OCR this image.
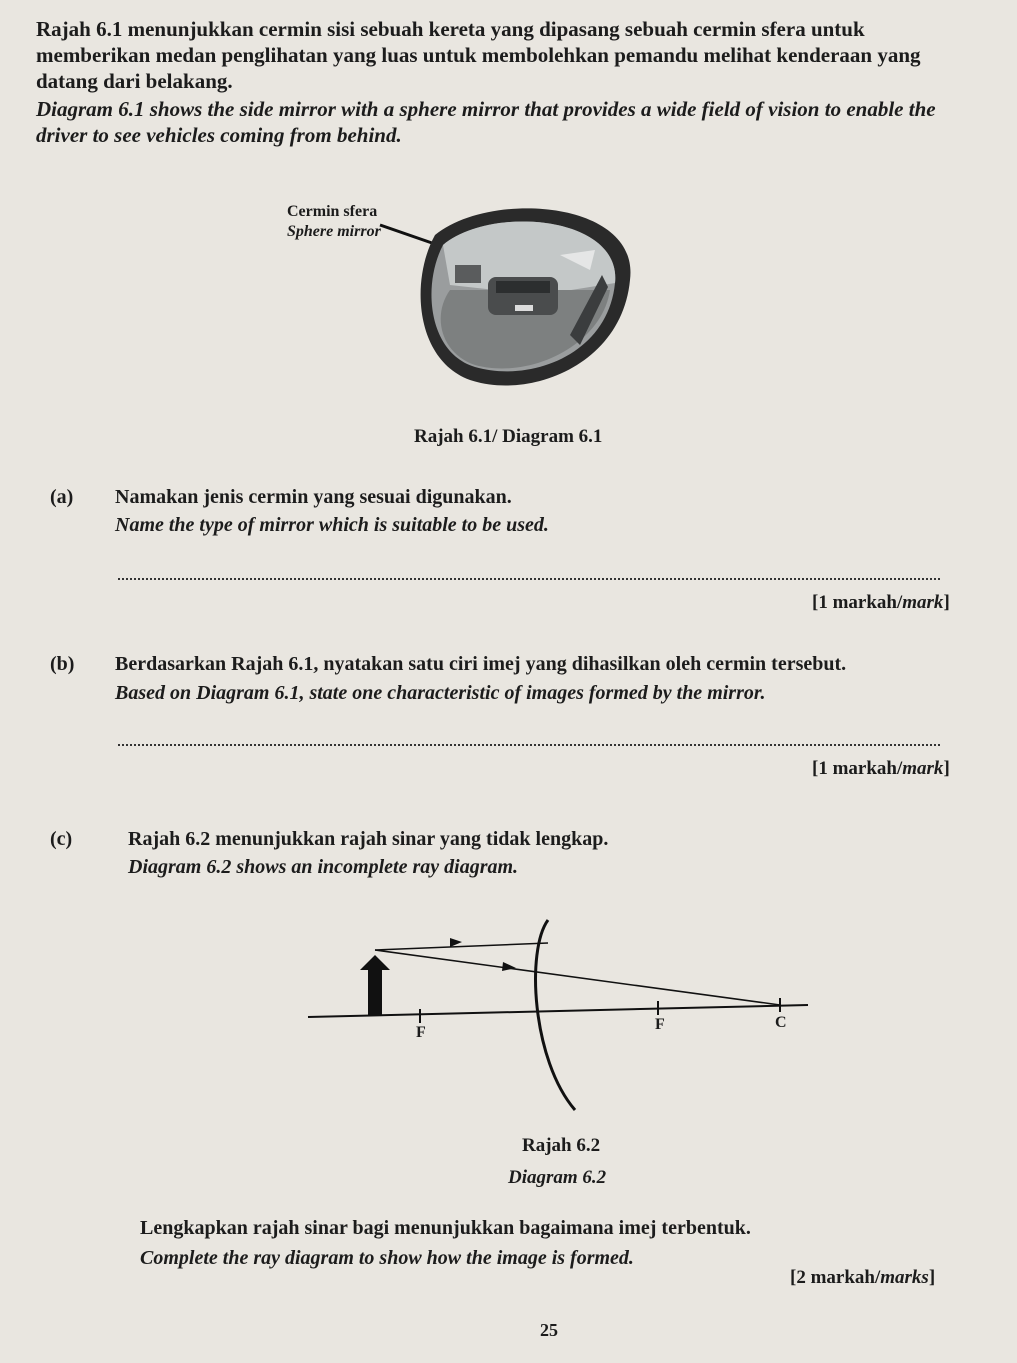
Rajah 6.1 menunjukkan cermin sisi sebuah kereta yang dipasang sebuah cermin sfera untuk memberikan medan penglihatan yang luas untuk membolehkan pemandu melihat kenderaan yang datang dari belakang.
Diagram 6.1 shows the side mirror with a sphere mirror that provides a wide field of vision to enable the driver to see vehicles coming from behind.
Cermin sfera
Sphere mirror
Rajah 6.1/ Diagram 6.1
(a) Namakan jenis cermin yang sesuai digunakan.
Name the type of mirror which is suitable to be used.
[1 markah/mark]
(b) Berdasarkan Rajah 6.1, nyatakan satu ciri imej yang dihasilkan oleh cermin tersebut.
Based on Diagram 6.1, state one characteristic of images formed by the mirror.
[1 markah/mark]
(c)	Rajah 6.2 menunjukkan rajah sinar yang tidak lengkap.
Diagram 6.2 shows an incomplete ray diagram.
F	F	C
Rajah 6.2
Diagram 6.2
Lengkapkan rajah sinar bagi menunjukkan bagaimana imej terbentuk.
Complete the ray diagram to show how the image is formed.
[2 markah/marks]
25
